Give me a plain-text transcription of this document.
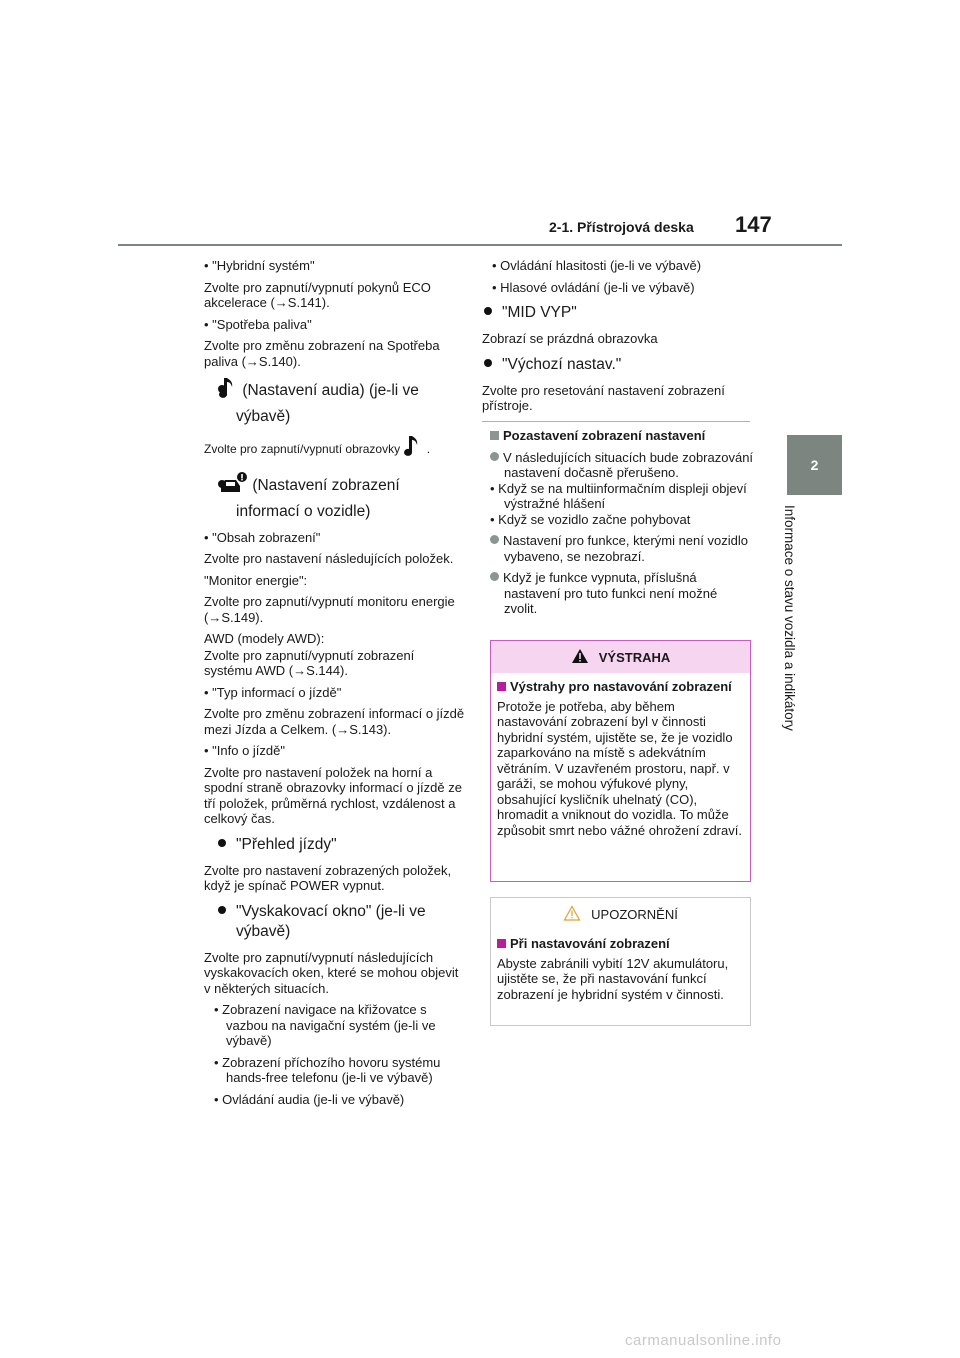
2-1. Přístrojová deska 147
2
Informace o stavu vozidla a indikátory

• "Hybridní systém"

Zvolte pro zapnutí/vypnutí pokynů ECO akcelerace (→S.141).

• "Spotřeba paliva"

Zvolte pro změnu zobrazení na Spotřeba paliva (→S.140).

(Nastavení audia) (je-li ve výbavě)

Zvolte pro zapnutí/vypnutí obrazovky .

(Nastavení zobrazení informací o vozidle)

• "Obsah zobrazení"

Zvolte pro nastavení následujících položek.

"Monitor energie":

Zvolte pro zapnutí/vypnutí monitoru energie (→S.149).

AWD (modely AWD):

Zvolte pro zapnutí/vypnutí zobrazení systému AWD (→S.144).

• "Typ informací o jízdě"

Zvolte pro změnu zobrazení informací o jízdě mezi Jízda a Celkem. (→S.143).

• "Info o jízdě"

Zvolte pro nastavení položek na horní a spodní straně obrazovky informací o jízdě ze tří položek, průměrná rychlost, vzdálenost a celkový čas.

"Přehled jízdy"

Zvolte pro nastavení zobrazených položek, když je spínač POWER vypnut.

"Vyskakovací okno" (je-li ve výbavě)

Zvolte pro zapnutí/vypnutí následujících vyskakovacích oken, které se mohou objevit v některých situacích.

• Zobrazení navigace na křižovatce s vazbou na navigační systém (je-li ve výbavě)

• Zobrazení příchozího hovoru systému hands-free telefonu (je-li ve výbavě)

• Ovládání audia (je-li ve výbavě)

• Ovládání hlasitosti (je-li ve výbavě)

• Hlasové ovládání (je-li ve výbavě)

"MID VYP"

Zobrazí se prázdná obrazovka

"Výchozí nastav."

Zvolte pro resetování nastavení zobrazení přístroje.

Pozastavení zobrazení nastavení

V následujících situacích bude zobrazování nastavení dočasně přerušeno.

• Když se na multiinformačním displeji objeví výstražné hlášení

• Když se vozidlo začne pohybovat

Nastavení pro funkce, kterými není vozidlo vybaveno, se nezobrazí.

Když je funkce vypnuta, příslušná nastavení pro tuto funkci není možné zvolit.

VÝSTRAHA

Výstrahy pro nastavování zobrazení

Protože je potřeba, aby během nastavování zobrazení byl v činnosti hybridní systém, ujistěte se, že je vozidlo zaparkováno na místě s adekvátním větráním. V uzavřeném prostoru, např. v garáži, se mohou výfukové plyny, obsahující kysličník uhelnatý (CO), hromadit a vniknout do vozidla. To může způsobit smrt nebo vážné ohrožení zdraví.

UPOZORNĚNÍ

Při nastavování zobrazení

Abyste zabránili vybití 12V akumulátoru, ujistěte se, že při nastavování funkcí zobrazení je hybridní systém v činnosti.

carmanualsonline.info
